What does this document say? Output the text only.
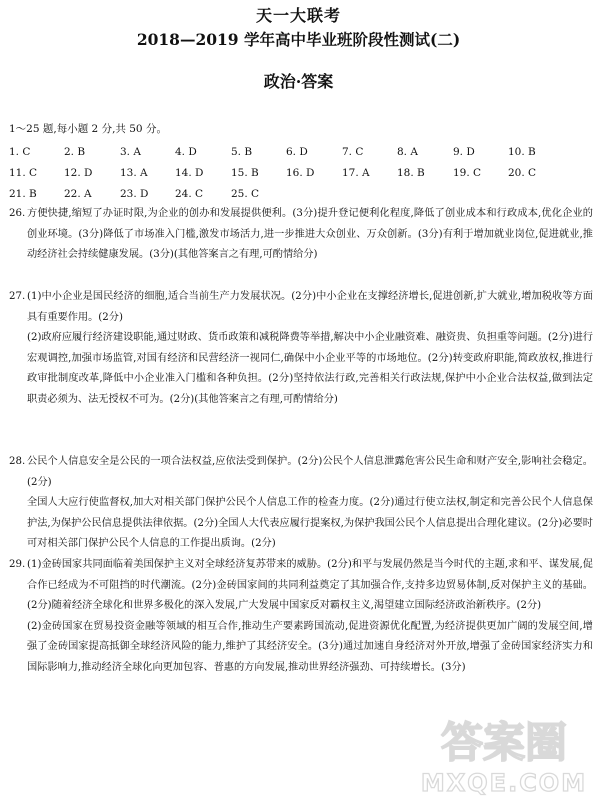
天一大联考
2018—2019 学年高中毕业班阶段性测试(二)
政治·答案
1～25 题,每小题 2 分,共 50 分。
1. C	2. B	3. A	4. D	5. B	6. D	7. C	8. A	9. D	10. B
11. C	12. D	13. A	14. D	15. B	16. D	17. A	18. B	19. C	20. C
21. B	22. A	23. D	24. C	25. C
26. 方便快捷,缩短了办证时限,为企业的创办和发展提供便利。(3分)提升登记便利化程度,降低了创业成本和行政成本,优化企业的创业环境。(3分)降低了市场准入门槛,激发市场活力,进一步推进大众创业、万众创新。(3分)有利于增加就业岗位,促进就业,推动经济社会持续健康发展。(3分)(其他答案言之有理,可酌情给分)
27. (1)中小企业是国民经济的细胞,适合当前生产力发展状况。(2分)中小企业在支撑经济增长,促进创新,扩大就业,增加税收等方面具有重要作用。(2分)
(2)政府应履行经济建设职能,通过财政、货币政策和减税降费等举措,解决中小企业融资难、融资贵、负担重等问题。(2分)进行宏观调控,加强市场监管,对国有经济和民营经济一视同仁,确保中小企业平等的市场地位。(2分)转变政府职能,简政放权,推进行政审批制度改革,降低中小企业准入门槛和各种负担。(2分)坚持依法行政,完善相关行政法规,保护中小企业合法权益,做到法定职责必须为、法无授权不可为。(2分)(其他答案言之有理,可酌情给分)
28. 公民个人信息安全是公民的一项合法权益,应依法受到保护。(2分)公民个人信息泄露危害公民生命和财产安全,影响社会稳定。(2分)
全国人大应行使监督权,加大对相关部门保护公民个人信息工作的检查力度。(2分)通过行使立法权,制定和完善公民个人信息保护法,为保护公民信息提供法律依据。(2分)全国人大代表应履行提案权,为保护我国公民个人信息提出合理化建议。(2分)必要时可对相关部门保护公民个人信息的工作提出质询。(2分)
29. (1)金砖国家共同面临着美国保护主义对全球经济复苏带来的威胁。(2分)和平与发展仍然是当今时代的主题,求和平、谋发展,促合作已经成为不可阻挡的时代潮流。(2分)金砖国家间的共同利益奠定了其加强合作,支持多边贸易体制,反对保护主义的基础。(2分)随着经济全球化和世界多极化的深入发展,广大发展中国家反对霸权主义,渴望建立国际经济政治新秩序。(2分)
(2)金砖国家在贸易投资金融等领域的相互合作,推动生产要素跨国流动,促进资源优化配置,为经济提供更加广阔的发展空间,增强了金砖国家提高抵御全球经济风险的能力,维护了其经济安全。(3分)通过加速自身经济对外开放,增强了金砖国家经济实力和国际影响力,推动经济全球化向更加包容、普惠的方向发展,推动世界经济强劲、可持续增长。(3分)
答案圈
MXQE.COM
